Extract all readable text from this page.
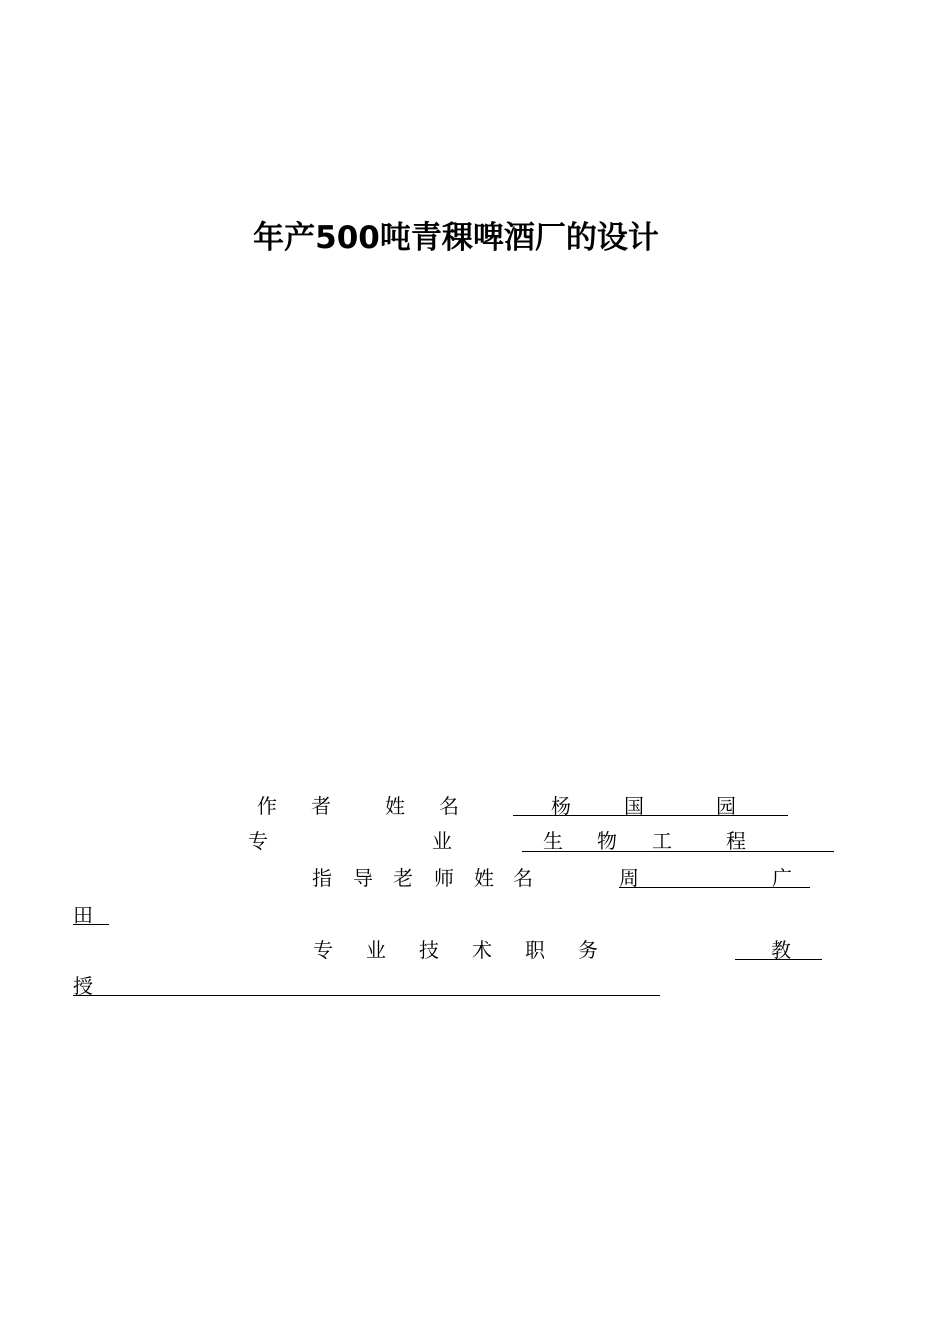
年产500吨青稞啤酒厂的设计
作 者	姓 名	杨	国	园
专	业	生 物 工	程
指 导 老 师 姓 名	周	广
田
专 业 技 术 职 务	教
授
